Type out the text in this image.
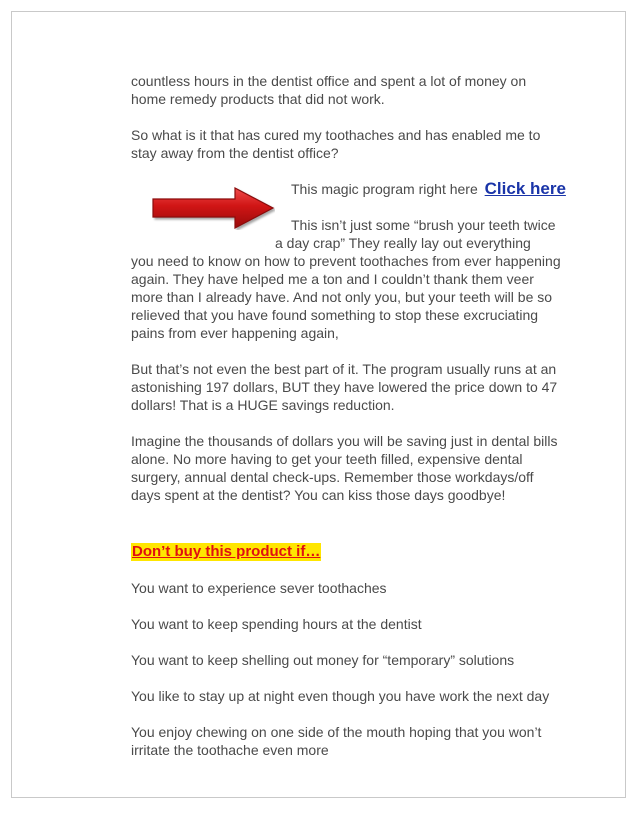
countless hours in the dentist office and spent a lot of money on home remedy products that did not work.

So what is it that has cured my toothaches and has enabled me to stay away from the dentist office?

This magic program right here Click here
This isn’t just some “brush your teeth twice
a day crap” They really lay out everything

you need to know on how to prevent toothaches from ever happening again. They have helped me a ton and I couldn’t thank them veer more than I already have. And not only you, but your teeth will be so relieved that you have found something to stop these excruciating pains from ever happening again,

But that’s not even the best part of it. The program usually runs at an astonishing 197 dollars, BUT they have lowered the price down to 47 dollars! That is a HUGE savings reduction.

Imagine the thousands of dollars you will be saving just in dental bills alone. No more having to get your teeth filled, expensive dental surgery, annual dental check-ups. Remember those workdays/off days spent at the dentist? You can kiss those days goodbye!

Don’t buy this product if…

You want to experience sever toothaches

You want to keep spending hours at the dentist

You want to keep shelling out money for “temporary” solutions

You like to stay up at night even though you have work the next day

You enjoy chewing on one side of the mouth hoping that you won’t irritate the toothache even more
